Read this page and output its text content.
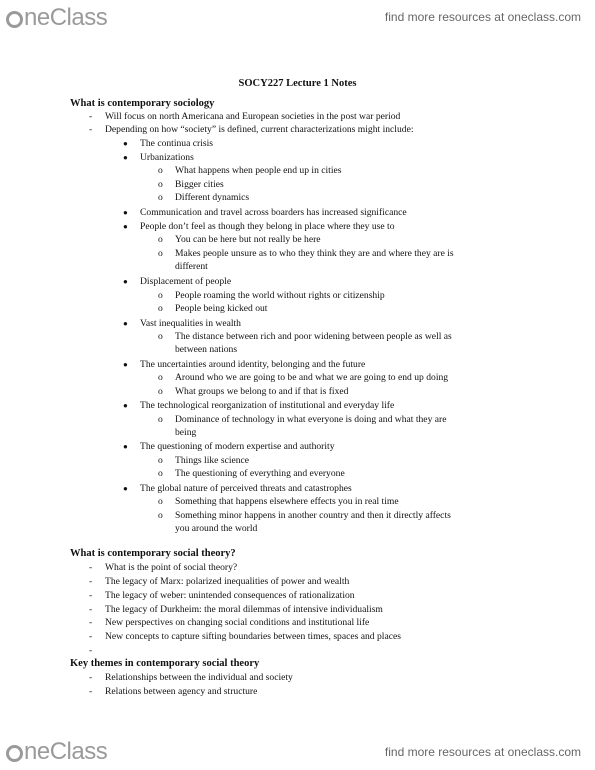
neClass	find more resources at oneclass.com
SOCY227 Lecture 1 Notes
What is contemporary sociology
- Will focus on north Americana and European societies in the post war period
- Depending on how “society” is defined, current characterizations might include:
● The continua crisis
● Urbanizations
o What happens when people end up in cities
o Bigger cities
o Different dynamics
● Communication and travel across boarders has increased significance
● People don’t feel as though they belong in place where they use to
o You can be here but not really be here
o Makes people unsure as to who they think they are and where they are is
different
● Displacement of people
o People roaming the world without rights or citizenship
o People being kicked out
● Vast inequalities in wealth
o The distance between rich and poor widening between people as well as
between nations
● The uncertainties around identity, belonging and the future
o Around who we are going to be and what we are going to end up doing
o What groups we belong to and if that is fixed
● The technological reorganization of institutional and everyday life
o Dominance of technology in what everyone is doing and what they are
being
● The questioning of modern expertise and authority
o Things like science
o The questioning of everything and everyone
● The global nature of perceived threats and catastrophes
o Something that happens elsewhere effects you in real time
o Something minor happens in another country and then it directly affects
you around the world
What is contemporary social theory?
- What is the point of social theory?
- The legacy of Marx: polarized inequalities of power and wealth
- The legacy of weber: unintended consequences of rationalization
- The legacy of Durkheim: the moral dilemmas of intensive individualism
- New perspectives on changing social conditions and institutional life
- New concepts to capture sifting boundaries between times, spaces and places
-
Key themes in contemporary social theory
- Relationships between the individual and society
- Relations between agency and structure
neClass	find more resources at oneclass.com
